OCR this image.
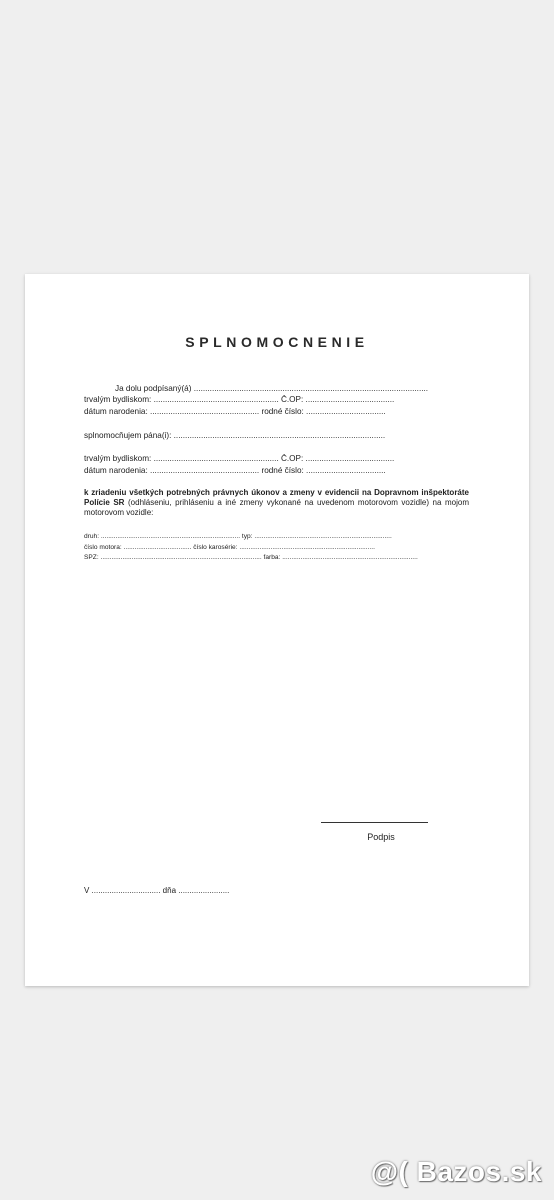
SPLNOMOCNENIE
Ja dolu podpísaný(á) .......................................................................................................
trvalým bydliskom: ....................................................... Č.OP: .......................................
dátum narodenia: ................................................ rodné číslo: ...................................
splnomocňujem pána(i): .............................................................................................
trvalým bydliskom: ....................................................... Č.OP: .......................................
dátum narodenia: ................................................ rodné číslo: ...................................
k zriadeniu všetkých potrebných právnych úkonov a zmeny v evidencii na Dopravnom inšpektoráte Polície SR (odhláseniu, prihláseniu a iné zmeny vykonané na uvedenom motorovom vozidle) na mojom motorovom vozidle:
druh: ............................................................................ typ: ...........................................................................
číslo motora: ..................................... číslo karosérie: ..........................................................................
ŠPZ: ........................................................................................ farba: ..........................................................................
Podpis
V ............................... dňa .......................
@( Bazos.sk
